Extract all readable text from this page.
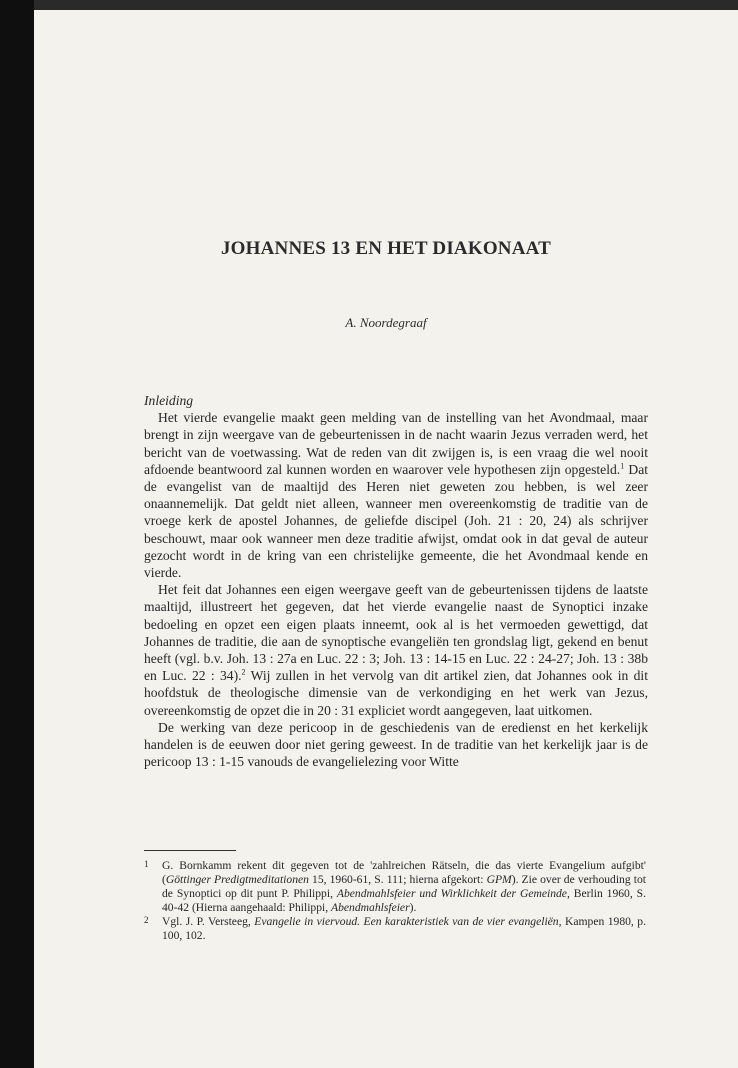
JOHANNES 13 EN HET DIAKONAAT
A. Noordegraaf
Inleiding

Het vierde evangelie maakt geen melding van de instelling van het Avondmaal, maar brengt in zijn weergave van de gebeurtenissen in de nacht waarin Jezus verraden werd, het bericht van de voetwassing. Wat de reden van dit zwijgen is, is een vraag die wel nooit afdoende beantwoord zal kunnen worden en waarover vele hypothesen zijn opgesteld.$^1$ Dat de evangelist van de maaltijd des Heren niet geweten zou hebben, is wel zeer onaannemelijk. Dat geldt niet alleen, wanneer men overeenkomstig de traditie van de vroege kerk de apostel Johannes, de geliefde discipel (Joh. 21 : 20, 24) als schrijver beschouwt, maar ook wanneer men deze traditie afwijst, omdat ook in dat geval de auteur gezocht wordt in de kring van een christelijke gemeente, die het Avondmaal kende en vierde.

Het feit dat Johannes een eigen weergave geeft van de gebeurtenissen tijdens de laatste maaltijd, illustreert het gegeven, dat het vierde evangelie naast de Synoptici inzake bedoeling en opzet een eigen plaats inneemt, ook al is het vermoeden gewettigd, dat Johannes de traditie, die aan de synoptische evangeliën ten grondslag ligt, gekend en benut heeft (vgl. b.v. Joh. 13 : 27a en Luc. 22 : 3; Joh. 13 : 14-15 en Luc. 22 : 24-27; Joh. 13 : 38b en Luc. 22 : 34).$^2$ Wij zullen in het vervolg van dit artikel zien, dat Johannes ook in dit hoofdstuk de theologische dimensie van de verkondiging en het werk van Jezus, overeenkomstig de opzet die in 20 : 31 expliciet wordt aangegeven, laat uitkomen.

De werking van deze pericoop in de geschiedenis van de eredienst en het kerkelijk handelen is de eeuwen door niet gering geweest. In de traditie van het kerkelijk jaar is de pericoop 13 : 1-15 vanouds de evangelielezing voor Witte

1 G. Bornkamm rekent dit gegeven tot de 'zahlreichen Rätseln, die das vierte Evangelium aufgibt' (Göttinger Predigtmeditationen 15, 1960-61, S. 111; hierna afgekort: GPM). Zie over de verhouding tot de Synoptici op dit punt P. Philippi, Abendmahlsfeier und Wirklichkeit der Gemeinde, Berlin 1960, S. 40-42 (Hierna aangehaald: Philippi, Abendmahlsfeier).

2 Vgl. J. P. Versteeg, Evangelie in viervoud. Een karakteristiek van de vier evangeliën, Kampen 1980, p. 100, 102.
